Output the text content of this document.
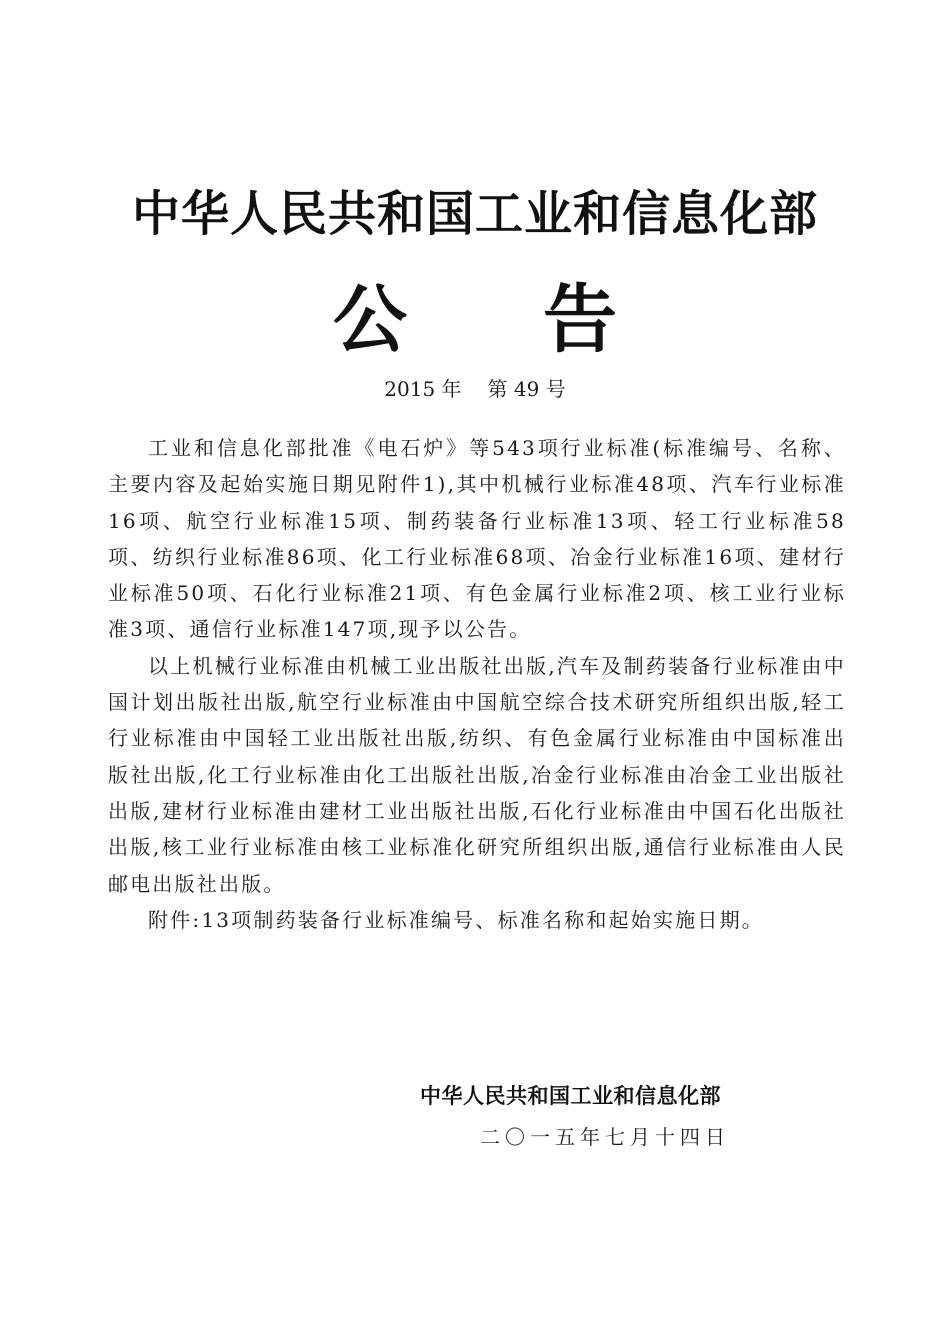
中华人民共和国工业和信息化部
公 告
2015 年 第 49 号

工业和信息化部批准《电石炉》等543项行业标准(标准编号、名称、主要内容及起始实施日期见附件1),其中机械行业标准48项、汽车行业标准16项、航空行业标准15项、制药装备行业标准13项、轻工行业标准58项、纺织行业标准86项、化工行业标准68项、冶金行业标准16项、建材行业标准50项、石化行业标准21项、有色金属行业标准2项、核工业行业标准3项、通信行业标准147项,现予以公告。

以上机械行业标准由机械工业出版社出版,汽车及制药装备行业标准由中国计划出版社出版,航空行业标准由中国航空综合技术研究所组织出版,轻工行业标准由中国轻工业出版社出版,纺织、有色金属行业标准由中国标准出版社出版,化工行业标准由化工出版社出版,冶金行业标准由冶金工业出版社出版,建材行业标准由建材工业出版社出版,石化行业标准由中国石化出版社出版,核工业行业标准由核工业标准化研究所组织出版,通信行业标准由人民邮电出版社出版。

附件:13项制药装备行业标准编号、标准名称和起始实施日期。

中华人民共和国工业和信息化部
二〇一五年七月十四日
